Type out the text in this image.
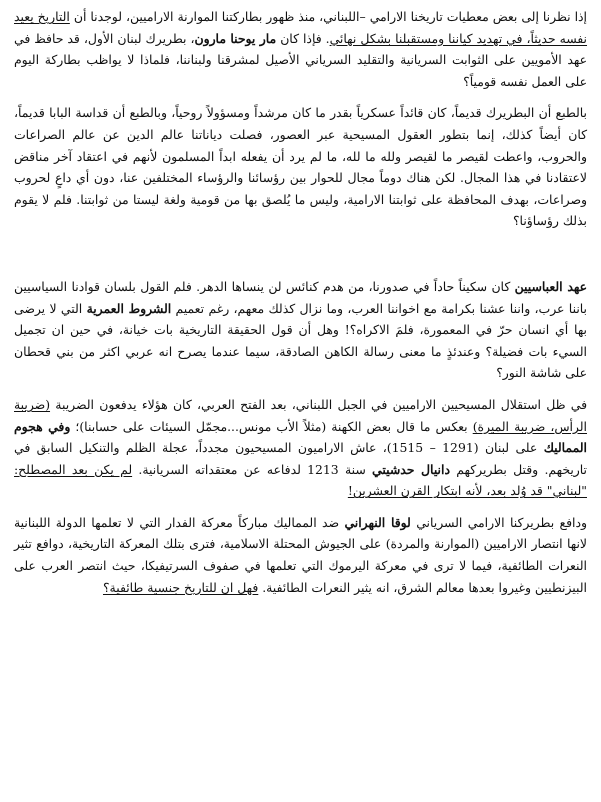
إذا نظرنا إلى بعض معطيات تاريخنا الارامي –اللبناني، منذ ظهور بطاركتنا الموارنة الاراميين، لوجدنا أن التاريخ يعيد نفسه حديثاً، في تهديد كياننا ومستقبلنا بشكل نهائي. فإذا كان مار يوحنا مارون، بطريرك لبنان الأول، قد حافظ في عهد الأمويين على الثوابت السريانية والتقليد السرياني الأصيل لمشرقنا ولبناننا، فلماذا لا يواظب بطاركة اليوم على العمل نفسه قومياً؟

بالطبع أن البطريرك قديماً، كان قائداً عسكرياً بقدر ما كان مرشداً ومسؤولاً روحياً، وبالطبع أن قداسة البابا قديماً، كان أيضاً كذلك، إنما بتطور العقول المسيحية عبر العصور، فصلت دياناتنا عالم الدين عن عالم الصراعات والحروب، واعطت لقيصر ما لقيصر ولله ما لله، ما لم يرد أن يفعله ابداً المسلمون لأنهم في اعتقاد آخر مناقض لاعتقادنا في هذا المجال. لكن هناك دوماً مجال للحوار بين رؤسائنا والرؤساء المختلفين عنا، دون أي داعٍ لحروب وصراعات، بهدف المحافظة على ثوابتنا الارامية، وليس ما يُلصق بها من قومية ولغة ليستا من ثوابتنا. فلم لا يقوم بذلك رؤساؤنا؟

عهد العباسيين كان سكيناً حاداً في صدورنا، من هدم كنائس لن ينساها الدهر. فلم القول بلسان قوادنا السياسيين باننا عرب، واننا عشنا بكرامة مع اخواننا العرب، وما نزال كذلك معهم، رغم تعميم الشروط العمرية التي لا يرضى بها أي انسان حرّ في المعمورة، فلمَ الاكراه؟! وهل أن قول الحقيقة التاريخية بات خيانة، في حين ان تجميل السيء بات فضيلة؟ وعندئذٍ ما معنى رسالة الكاهن الصادقة، سيما عندما يصرح انه عربي اكثر من بني قحطان على شاشة النور؟

في ظل استقلال المسيحيين الاراميين في الجبل اللبناني، بعد الفتح العربي، كان هؤلاء يدفعون الضريبة (ضريبة الرأس، ضريبة الميرة) بعكس ما قال بعض الكهنة (مثلاً الأب مونس...مجمّل السيئات على حسابنا)؛ وفي هجوم المماليك على لبنان (1291 – 1515)، عاش الاراميون المسيحيون مجدداً، عجلة الظلم والتنكيل السابق في تاريخهم. وقتل بطريركهم دانيال حدشيتي سنة 1213 لدفاعه عن معتقداته السريانية. لم يكن بعد المصطلح: "لبناني" قد وُلد بعد، لأنه ابتكار القرن العشرين!

ودافع بطريركنا الارامي السرياني لوقا النهراني ضد المماليك مباركاً معركة الفدار التي لا تعلمها الدولة اللبنانية لانها انتصار الاراميين (الموارنة والمردة) على الجيوش المحتلة الاسلامية، فترى بتلك المعركة التاريخية، دوافع تثير النعرات الطائفية، فيما لا ترى في معركة اليرموك التي تعلمها في صفوف السرتيفيكا، حيث انتصر العرب على البيزنطيين وغيروا بعدها معالم الشرق، انه يثير النعرات الطائفية. فهل ان للتاريخ جنسية طائفية؟
